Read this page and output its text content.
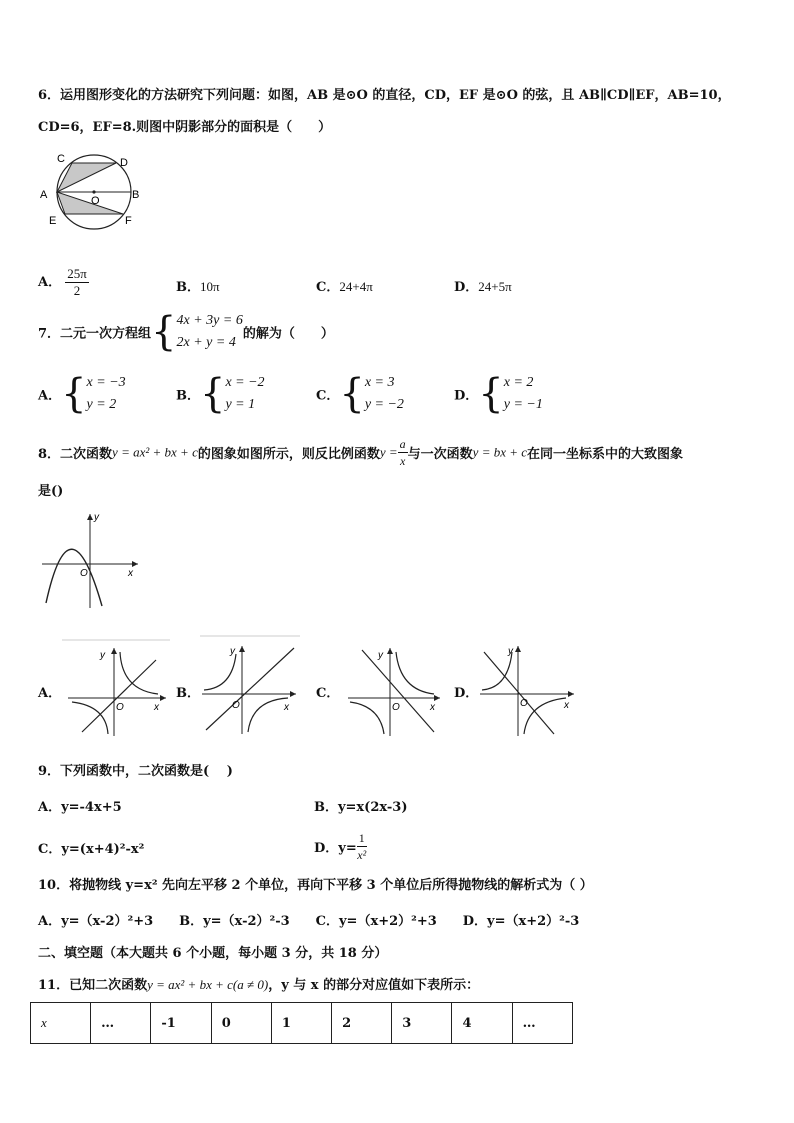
6．运用图形变化的方法研究下列问题：如图，AB 是⊙O 的直径，CD，EF 是⊙O 的弦，且 AB∥CD∥EF，AB=10，
CD=6，EF=8.则图中阴影部分的面积是（　　）
C	D
A	B
O
E	F
A． $\frac{25\pi}{2}$	B．10π	C．24+4π	D．24+5π
7．二元一次方程组{ 4x + 3y = 6
2x + y = 4
的解为（　　）
A．{ x = −3
y = 2
B．{ x = −2
y = 1
C．{ x = 3
y = −2
D．{ x = 2
y = −1
8．二次函数y = ax² + bx + c的图象如图所示，则反比例函数$y = \frac{a}{x}$ 与一次函数y = bx + c在同一坐标系中的大致图象
是()
y
x
O
A．
y
x
O
B．
y
x
O
C．
y
x
O
D．
y
x
O
9．下列函数中，二次函数是(　 )
A．y=-4x+5	B．y=x(2x-3)
C．y=(x+4)²-x²	D．$y= \frac{1}{\text{x²}}$
10．将抛物线 y=x² 先向左平移 2 个单位，再向下平移 3 个单位后所得抛物线的解析式为（ ）
A．y=（x-2）²+3　　B．y=（x-2）²-3　　C．y=（x+2）²+3　　D．y=（x+2）²-3
二、填空题（本大题共 6 个小题，每小题 3 分，共 18 分）
11．已知二次函数y = ax² + bx + c(a ≠ 0)，y 与 x 的部分对应值如下表所示：
x	…	-1	0	1	2	3	4	…
